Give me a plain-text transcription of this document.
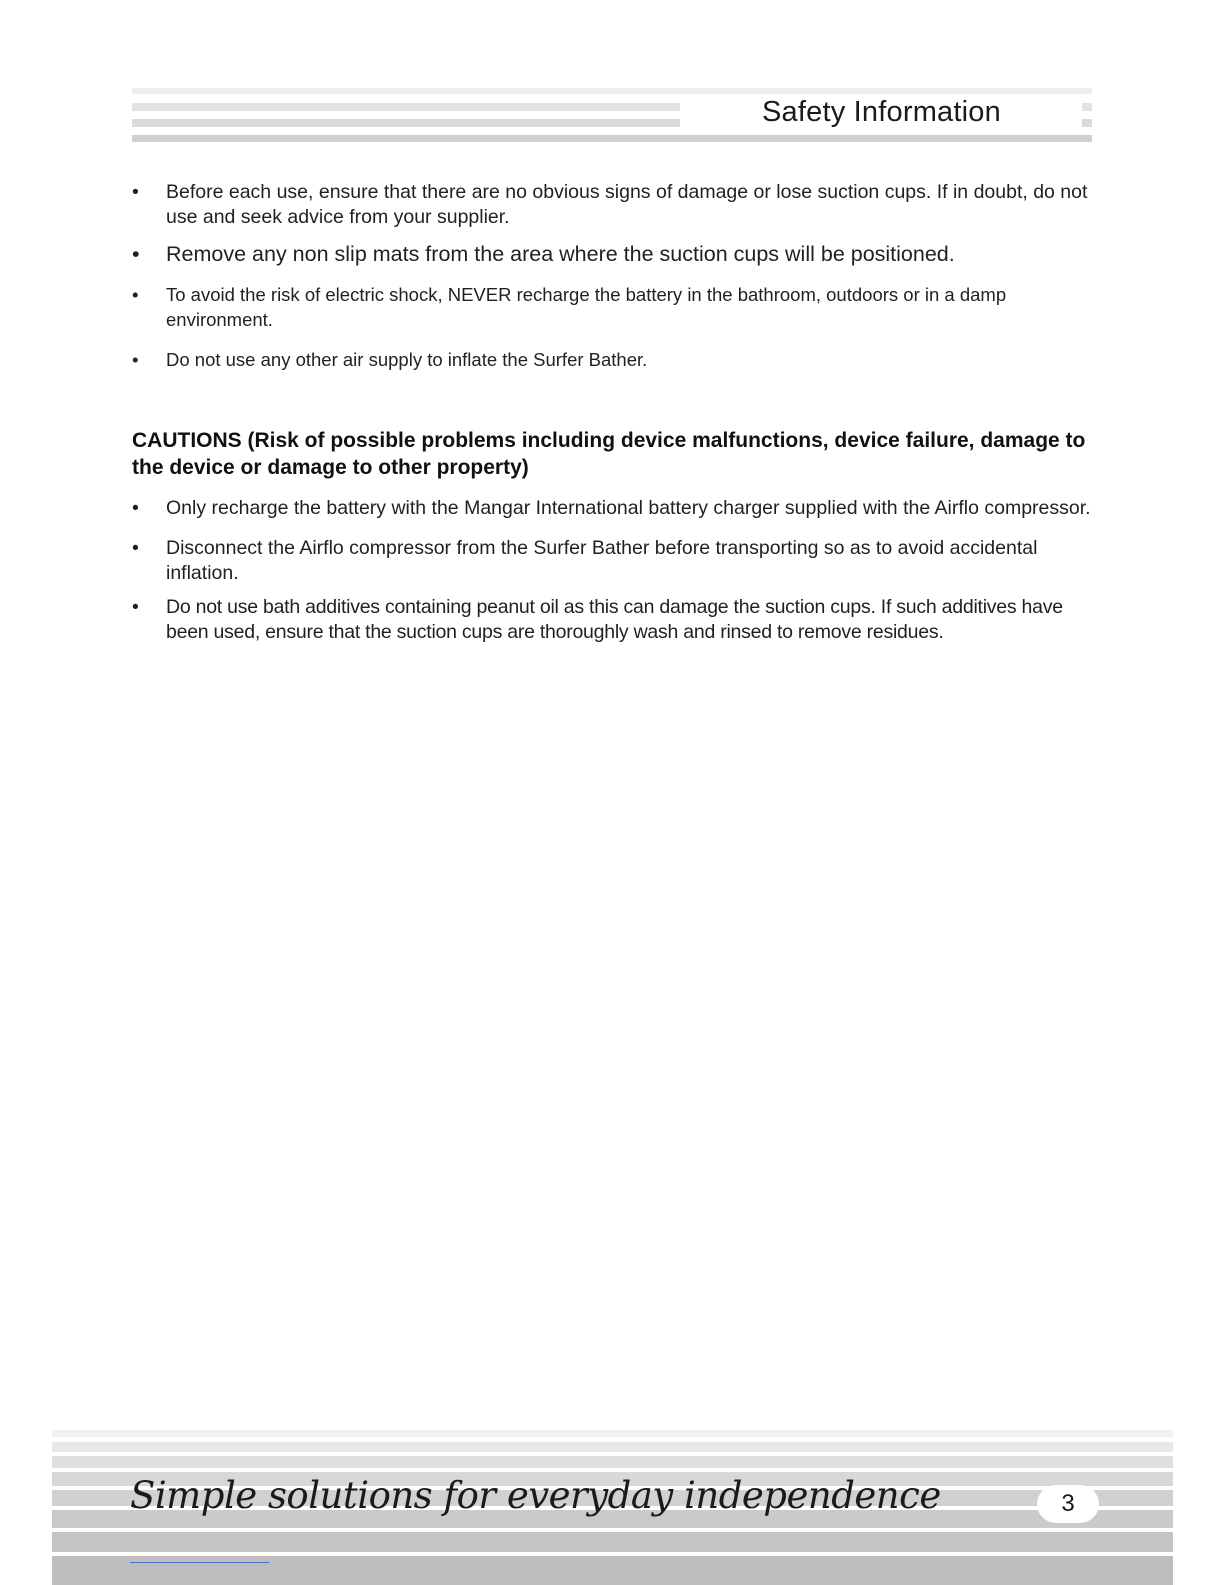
Safety Information
•	Before each use, ensure that there are no obvious signs of damage or lose suction cups. If in doubt, do not use and seek advice from your supplier.
•	Remove any non slip mats from the area where the suction cups will be positioned.
•	To avoid the risk of electric shock, NEVER recharge the battery in the bathroom, outdoors or in a damp environment.
•	Do not use any other air supply to inflate the Surfer Bather.
CAUTIONS (Risk of possible problems including device malfunctions, device failure, damage to the device or damage to other property)
•	Only recharge the battery with the Mangar International battery charger supplied with the Airflo compressor.
•	Disconnect the Airflo compressor from the Surfer Bather before transporting so as to avoid accidental inflation.
•	Do not use bath additives containing peanut oil as this can damage the suction cups. If such additives have been used, ensure that the suction cups are thoroughly wash and rinsed to remove residues.
Simple solutions for everyday independence	3
